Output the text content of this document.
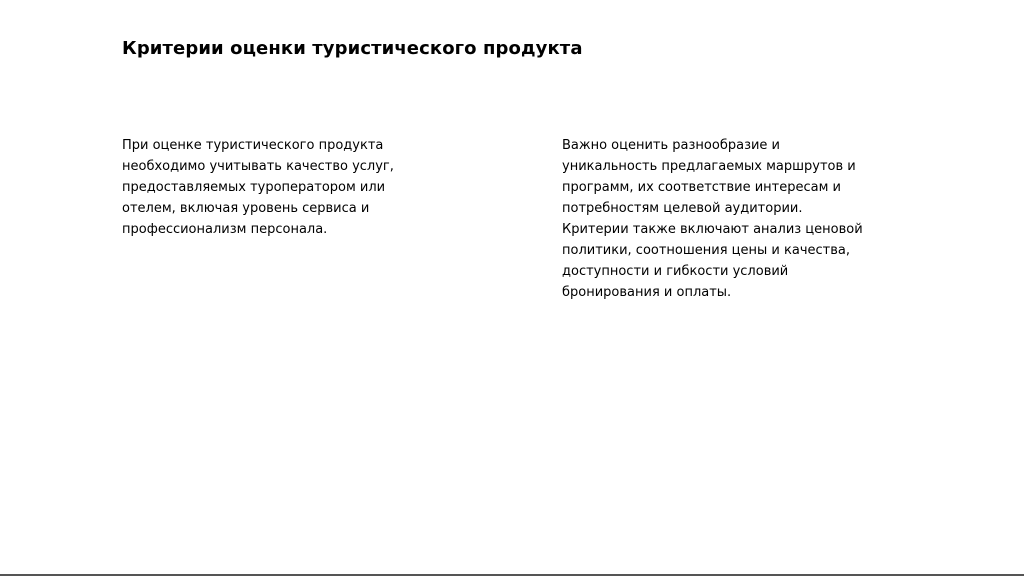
Критерии оценки туристического продукта

При оценке туристического продукта
необходимо учитывать качество услуг,
предоставляемых туроператором или
отелем, включая уровень сервиса и
профессионализм персонала.

Важно оценить разнообразие и
уникальность предлагаемых маршрутов и
программ, их соответствие интересам и
потребностям целевой аудитории.
Критерии также включают анализ ценовой
политики, соотношения цены и качества,
доступности и гибкости условий
бронирования и оплаты.
